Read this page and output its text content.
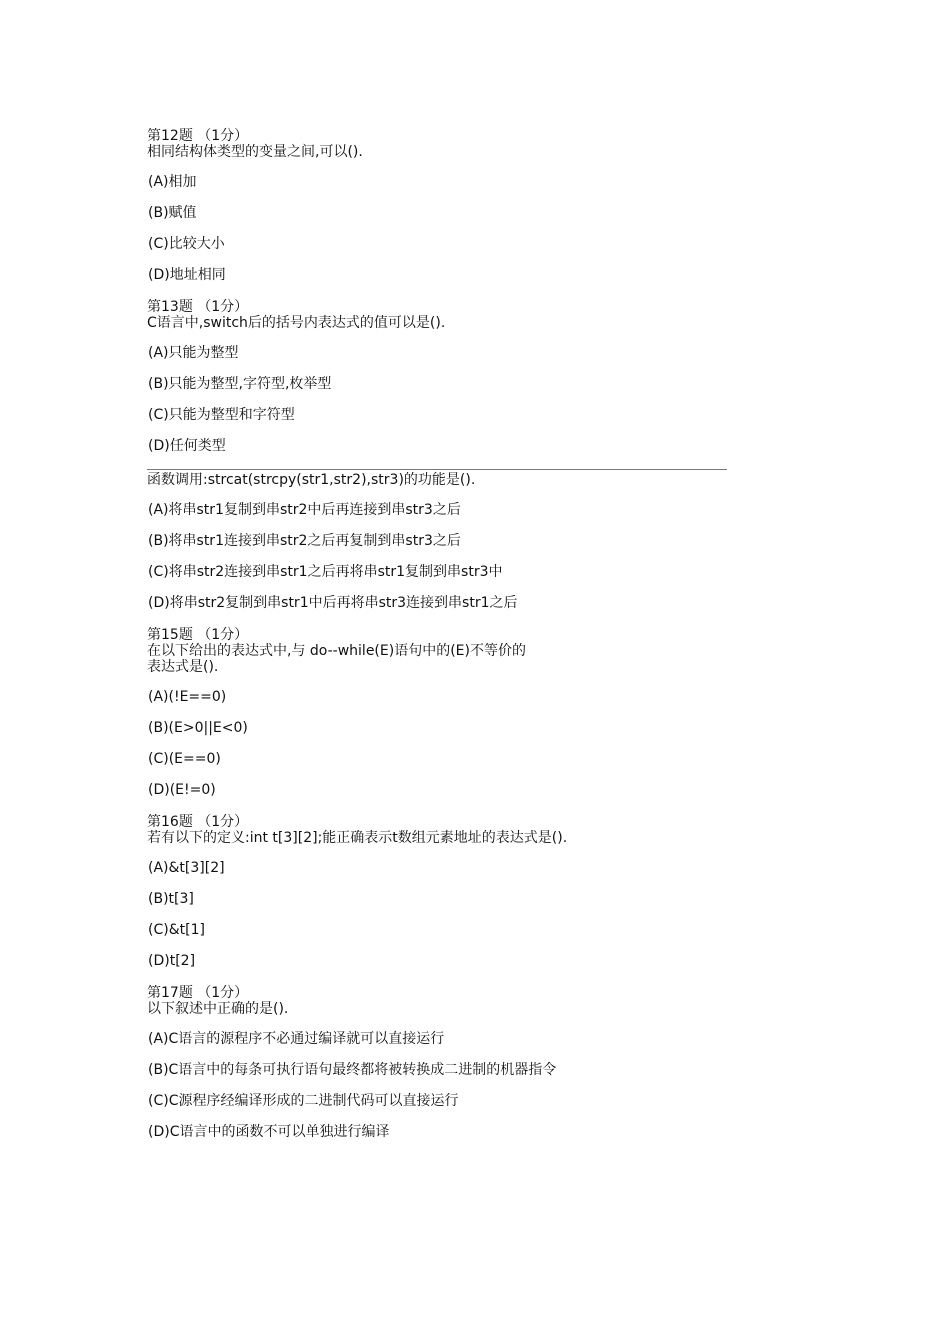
第12题 （1分）
相同结构体类型的变量之间,可以().
(A)相加
(B)赋值
(C)比较大小
(D)地址相同
第13题 （1分）
C语言中,switch后的括号内表达式的值可以是().
(A)只能为整型
(B)只能为整型,字符型,枚举型
(C)只能为整型和字符型
(D)任何类型
函数调用:strcat(strcpy(str1,str2),str3)的功能是().
(A)将串str1复制到串str2中后再连接到串str3之后
(B)将串str1连接到串str2之后再复制到串str3之后
(C)将串str2连接到串str1之后再将串str1复制到串str3中
(D)将串str2复制到串str1中后再将串str3连接到串str1之后
第15题 （1分）
在以下给出的表达式中,与 do--while(E)语句中的(E)不等价的
表达式是().
(A)(!E==0)
(B)(E>0||E<0)
(C)(E==0)
(D)(E!=0)
第16题 （1分）
若有以下的定义:int t[3][2];能正确表示t数组元素地址的表达式是().
(A)&t[3][2]
(B)t[3]
(C)&t[1]
(D)t[2]
第17题 （1分）
以下叙述中正确的是().
(A)C语言的源程序不必通过编译就可以直接运行
(B)C语言中的每条可执行语句最终都将被转换成二进制的机器指令
(C)C源程序经编译形成的二进制代码可以直接运行
(D)C语言中的函数不可以单独进行编译
